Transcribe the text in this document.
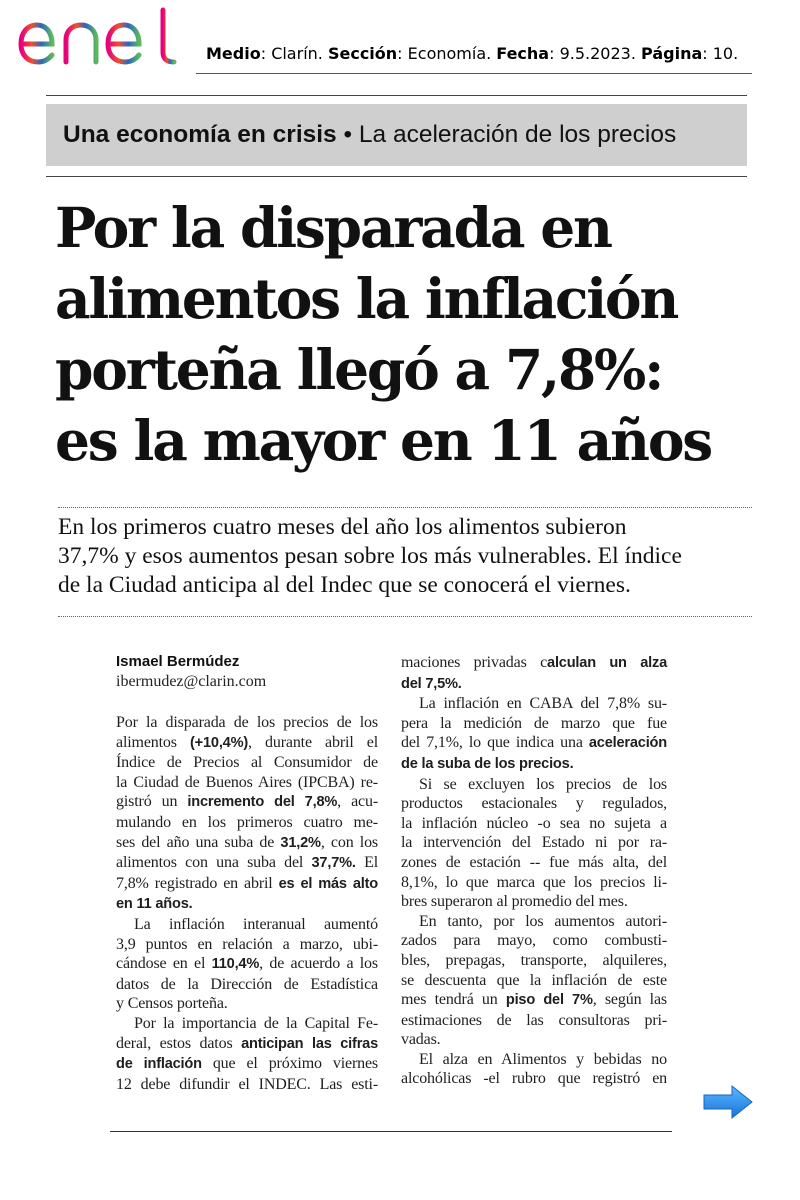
Medio: Clarín. Sección: Economía. Fecha: 9.5.2023. Página: 10.
Una economía en crisis • La aceleración de los precios
Por la disparada en
alimentos la inflación
porteña llegó a 7,8%:
es la mayor en 11 años
En los primeros cuatro meses del año los alimentos subieron
37,7% y esos aumentos pesan sobre los más vulnerables. El índice
de la Ciudad anticipa al del Indec que se conocerá el viernes.
Ismael Bermúdez
ibermudez@clarin.com
Por la disparada de los precios de los
alimentos (+10,4%), durante abril el
Índice de Precios al Consumidor de
la Ciudad de Buenos Aires (IPCBA) re-
gistró un incremento del 7,8%, acu-
mulando en los primeros cuatro me-
ses del año una suba de 31,2%, con los
alimentos con una suba del 37,7%. El
7,8% registrado en abril es el más alto
en 11 años.
La inflación interanual aumentó
3,9 puntos en relación a marzo, ubi-
cándose en el 110,4%, de acuerdo a los
datos de la Dirección de Estadística
y Censos porteña.
Por la importancia de la Capital Fe-
deral, estos datos anticipan las cifras
de inflación que el próximo viernes
12 debe difundir el INDEC. Las esti-
maciones privadas calculan un alza
del 7,5%.
La inflación en CABA del 7,8% su-
pera la medición de marzo que fue
del 7,1%, lo que indica una aceleración
de la suba de los precios.
Si se excluyen los precios de los
productos estacionales y regulados,
la inflación núcleo -o sea no sujeta a
la intervención del Estado ni por ra-
zones de estación -- fue más alta, del
8,1%, lo que marca que los precios li-
bres superaron al promedio del mes.
En tanto, por los aumentos autori-
zados para mayo, como combusti-
bles, prepagas, transporte, alquileres,
se descuenta que la inflación de este
mes tendrá un piso del 7%, según las
estimaciones de las consultoras pri-
vadas.
El alza en Alimentos y bebidas no
alcohólicas -el rubro que registró en
